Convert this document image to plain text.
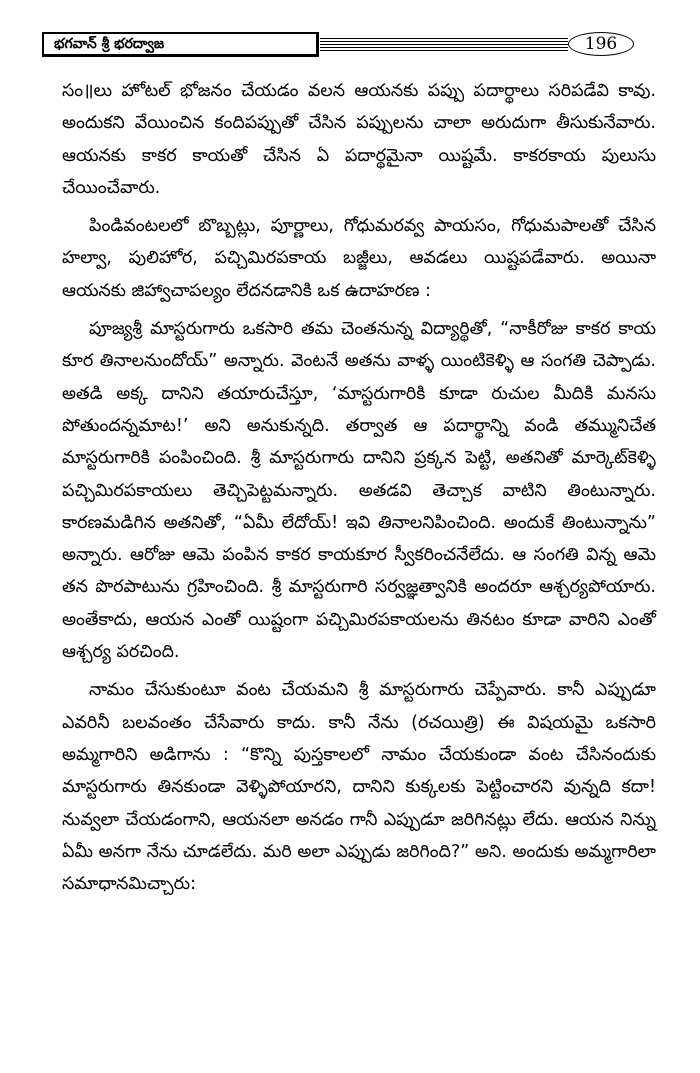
భగవాన్ శ్రీ భరద్వాజ	196

సం॥లు హోటల్ భోజనం చేయడం వలన ఆయనకు పప్పు పదార్థాలు సరిపడేవి కావు. అందుకని వేయించిన కందిపప్పుతో చేసిన పప్పులను చాలా అరుదుగా తీసుకునేవారు. ఆయనకు కాకర కాయతో చేసిన ఏ పదార్థమైనా యిష్టమే. కాకరకాయ పులుసు చేయించేవారు.

పిండివంటలలో బొబ్బట్లు, పూర్ణాలు, గోధుమరవ్వ పాయసం, గోధుమపాలతో చేసిన హల్వా, పులిహోర, పచ్చిమిరపకాయ బజ్జీలు, ఆవడలు యిష్టపడేవారు. అయినా ఆయనకు జిహ్వాచాపల్యం లేదనడానికి ఒక ఉదాహరణ :

పూజ్యశ్రీ మాస్టరుగారు ఒకసారి తమ చెంతనున్న విద్యార్థితో, “నాకీరోజు కాకర కాయ కూర తినాలనుందోయ్” అన్నారు. వెంటనే అతను వాళ్ళ యింటికెళ్ళి ఆ సంగతి చెప్పాడు. అతడి అక్క దానిని తయారుచేస్తూ, ‘మాస్టరుగారికి కూడా రుచుల మీదికి మనసు పోతుందన్నమాట!’ అని అనుకున్నది. తర్వాత ఆ పదార్థాన్ని వండి తమ్మునిచేత మాస్టరుగారికి పంపించింది. శ్రీ మాస్టరుగారు దానిని ప్రక్కన పెట్టి, అతనితో మార్కెట్‌కెళ్ళి పచ్చిమిరపకాయలు తెచ్చిపెట్టమన్నారు. అతడవి తెచ్చాక వాటిని తింటున్నారు. కారణమడిగిన అతనితో, “ఏమీ లేదోయ్! ఇవి తినాలనిపించింది. అందుకే తింటున్నాను” అన్నారు. ఆరోజు ఆమె పంపిన కాకర కాయకూర స్వీకరించనేలేదు. ఆ సంగతి విన్న ఆమె తన పొరపాటును గ్రహించింది. శ్రీ మాస్టరుగారి సర్వజ్ఞత్వానికి అందరూ ఆశ్చర్యపోయారు. అంతేకాదు, ఆయన ఎంతో యిష్టంగా పచ్చిమిరపకాయలను తినటం కూడా వారిని ఎంతో ఆశ్చర్య పరచింది.

నామం చేసుకుంటూ వంట చేయమని శ్రీ మాస్టరుగారు చెప్పేవారు. కానీ ఎప్పుడూ ఎవరినీ బలవంతం చేసేవారు కాదు. కానీ నేను (రచయిత్రి) ఈ విషయమై ఒకసారి అమ్మగారిని అడిగాను : “కొన్ని పుస్తకాలలో నామం చేయకుండా వంట చేసినందుకు మాస్టరుగారు తినకుండా వెళ్ళిపోయారని, దానిని కుక్కలకు పెట్టించారని వున్నది కదా! నువ్వలా చేయడంగాని, ఆయనలా అనడం గానీ ఎప్పుడూ జరిగినట్లు లేదు. ఆయన నిన్ను ఏమీ అనగా నేను చూడలేదు. మరి అలా ఎప్పుడు జరిగింది?” అని. అందుకు అమ్మగారిలా సమాధానమిచ్చారు:
